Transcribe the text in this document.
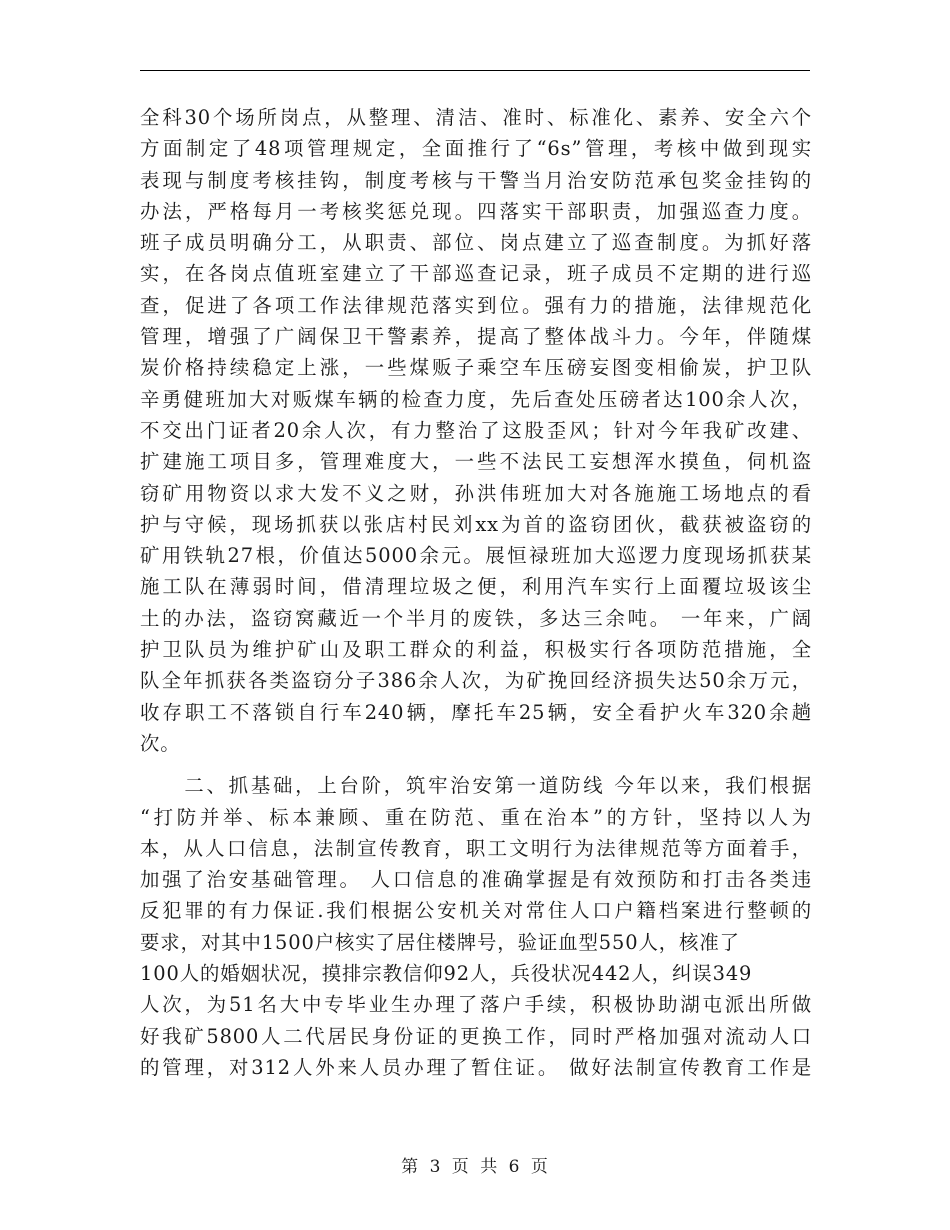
全科30个场所岗点，从整理、清洁、准时、标准化、素养、安全六个
方面制定了48项管理规定，全面推行了“6s”管理，考核中做到现实
表现与制度考核挂钩，制度考核与干警当月治安防范承包奖金挂钩的
办法，严格每月一考核奖惩兑现。四落实干部职责，加强巡查力度。
班子成员明确分工，从职责、部位、岗点建立了巡查制度。为抓好落
实，在各岗点值班室建立了干部巡查记录，班子成员不定期的进行巡
查，促进了各项工作法律规范落实到位。强有力的措施，法律规范化
管理，增强了广阔保卫干警素养，提高了整体战斗力。今年，伴随煤
炭价格持续稳定上涨，一些煤贩子乘空车压磅妄图变相偷炭，护卫队
辛勇健班加大对贩煤车辆的检查力度，先后查处压磅者达100余人次，
不交出门证者20余人次，有力整治了这股歪风；针对今年我矿改建、
扩建施工项目多，管理难度大，一些不法民工妄想浑水摸鱼，伺机盗
窃矿用物资以求大发不义之财，孙洪伟班加大对各施施工场地点的看
护与守候，现场抓获以张店村民刘xx为首的盗窃团伙，截获被盗窃的
矿用铁轨27根，价值达5000余元。展恒禄班加大巡逻力度现场抓获某
施工队在薄弱时间，借清理垃圾之便，利用汽车实行上面覆垃圾该尘
土的办法，盗窃窝藏近一个半月的废铁，多达三余吨。 一年来，广阔
护卫队员为维护矿山及职工群众的利益，积极实行各项防范措施，全
队全年抓获各类盗窃分子386余人次，为矿挽回经济损失达50余万元，
收存职工不落锁自行车240辆，摩托车25辆，安全看护火车320余趟
次。
　　二、抓基础，上台阶，筑牢治安第一道防线 今年以来，我们根据
“打防并举、标本兼顾、重在防范、重在治本”的方针，坚持以人为
本，从人口信息，法制宣传教育，职工文明行为法律规范等方面着手，
加强了治安基础管理。 人口信息的准确掌握是有效预防和打击各类违
反犯罪的有力保证.我们根据公安机关对常住人口户籍档案进行整顿的
要求，对其中1500户核实了居住楼牌号，验证血型550人，核准了
100人的婚姻状况，摸排宗教信仰92人，兵役状况442人，纠误349
人次，为51名大中专毕业生办理了落户手续，积极协助湖屯派出所做
好我矿5800人二代居民身份证的更换工作，同时严格加强对流动人口
的管理，对312人外来人员办理了暂住证。 做好法制宣传教育工作是
第 3 页 共 6 页
